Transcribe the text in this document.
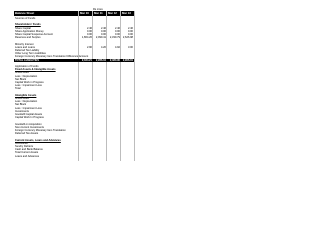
Rs crore
Balance Sheet	Mar 10 Mar 11 Mar 12 Mar 13
Sources of Funds
Shareholders' Funds
Share Capital	2.46	2.46	2.46	2.46
Share Application Money	0.00	0.00	0.00	0.00
Share Capital Suspense Account	0.00	0.00	0.00	0.00
Reserves and Surplus	1,864.26 2,099.41 2,339.79 2,626.98
Minority Interest
Loans and Loans	2.90	4.20	4.92	3.00
Deferred Tax Liability
Other Long Term Liabilities
Foreign Currency Monetary Item Translation Difference Account
TOTAL LIABILITIES	2,034.21 2,286.04 2,480.90 2,906.01
Application of Funds
Fixed Assets & Intangible Assets
Gross Block
Less : Depreciation
Net Block
Capital Work in Progress
Less : Impairment Loss
Total
Intangible Assets
Gross Block
Less : Depreciation
Net Block
Less : Impairment Loss
Investments
Goodwill Capital Assets
Capital Work In Progress
Goodwill on Acquisition
Non-Current Investments
Foreign Currency Monetary Item Translation
Deferred Tax Assets
Current Assets, Loans and Advances
Inventories
Sundry Debtors
Cash and Bank Balance
Total Current Assets
Loans and Advances
